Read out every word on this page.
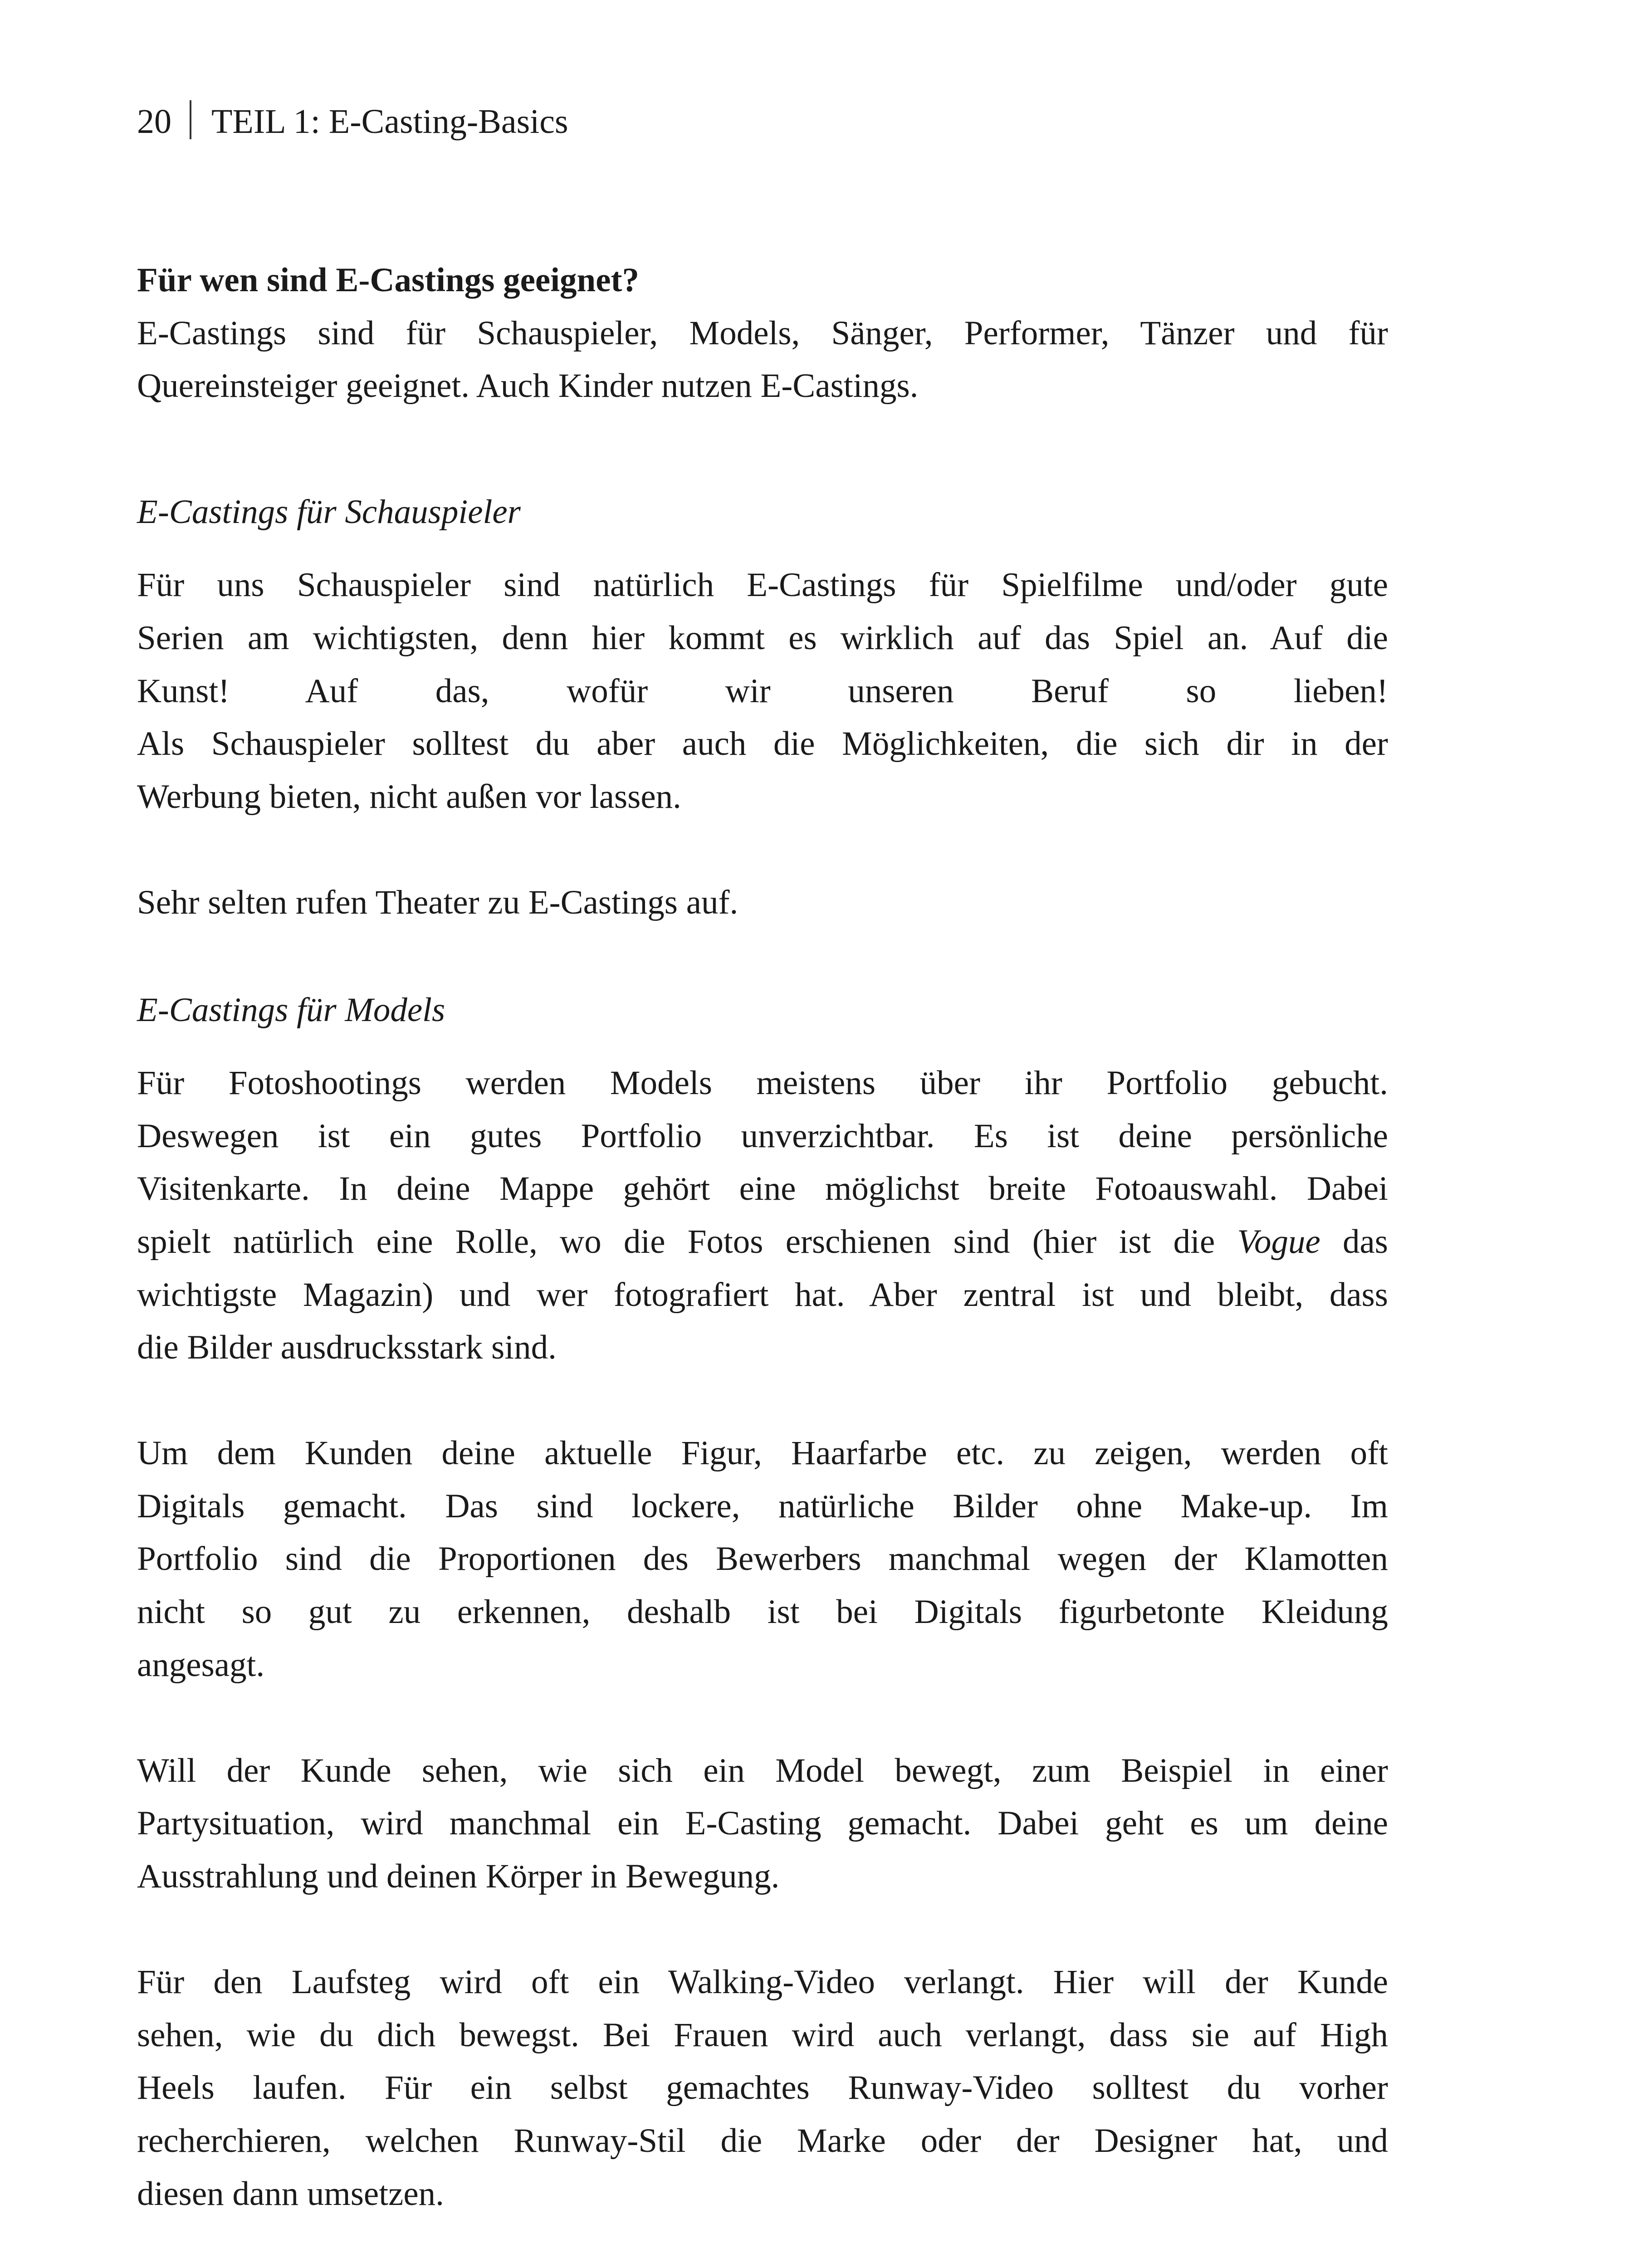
20 TEIL 1: E-Casting-Basics
Für wen sind E-Castings geeignet?
E-Castings sind für Schauspieler, Models, Sänger, Performer, Tänzer und für
Quereinsteiger geeignet. Auch Kinder nutzen E-Castings.
E-Castings für Schauspieler
Für uns Schauspieler sind natürlich E-Castings für Spielfilme und/oder gute
Serien am wichtigsten, denn hier kommt es wirklich auf das Spiel an. Auf die
Kunst! Auf das, wofür wir unseren Beruf so lieben!
Als Schauspieler solltest du aber auch die Möglichkeiten, die sich dir in der
Werbung bieten, nicht außen vor lassen.
Sehr selten rufen Theater zu E-Castings auf.
E-Castings für Models
Für Fotoshootings werden Models meistens über ihr Portfolio gebucht.
Deswegen ist ein gutes Portfolio unverzichtbar. Es ist deine persönliche
Visitenkarte. In deine Mappe gehört eine möglichst breite Fotoauswahl. Dabei
spielt natürlich eine Rolle, wo die Fotos erschienen sind (hier ist die Vogue das
wichtigste Magazin) und wer fotografiert hat. Aber zentral ist und bleibt, dass
die Bilder ausdrucksstark sind.
Um dem Kunden deine aktuelle Figur, Haarfarbe etc. zu zeigen, werden oft
Digitals gemacht. Das sind lockere, natürliche Bilder ohne Make-up. Im
Portfolio sind die Proportionen des Bewerbers manchmal wegen der Klamotten
nicht so gut zu erkennen, deshalb ist bei Digitals figurbetonte Kleidung
angesagt.
Will der Kunde sehen, wie sich ein Model bewegt, zum Beispiel in einer
Partysituation, wird manchmal ein E-Casting gemacht. Dabei geht es um deine
Ausstrahlung und deinen Körper in Bewegung.
Für den Laufsteg wird oft ein Walking-Video verlangt. Hier will der Kunde
sehen, wie du dich bewegst. Bei Frauen wird auch verlangt, dass sie auf High
Heels laufen. Für ein selbst gemachtes Runway-Video solltest du vorher
recherchieren, welchen Runway-Stil die Marke oder der Designer hat, und
diesen dann umsetzen.
